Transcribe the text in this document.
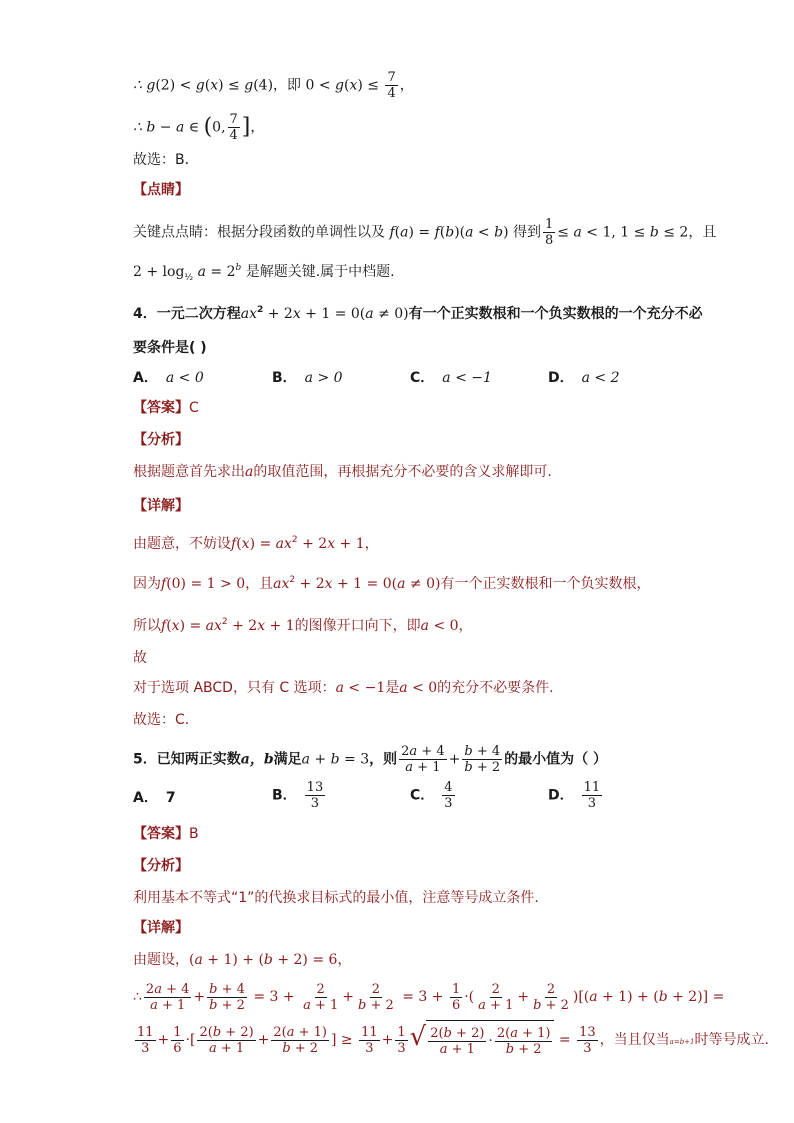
∴ g(2) < g(x) ≤ g(4)，即 $0 < g(x) \le \frac{7}{4}$ ，
∴ b − a ∈ (0, $\frac{7}{4}$ ]，
故选：B．
【点睛】
关键点点睛：根据分段函数的单调性以及 f(a) = f(b)(a < b) 得到 $\frac{1}{8} \le a < 1$, 1 ≤ b ≤ 2，且
$2 + \log_{\frac{1}{2}} a = 2^b$ 是解题关键.属于中档题.
4．一元二次方程$ax^2 + 2x + 1 = 0(a \ne 0)$有一个正实数根和一个负实数根的一个充分不必
要条件是( )
A． a < 0	B． a > 0	C． a < −1	D． a < 2
【答案】C
【分析】
根据题意首先求出a的取值范围，再根据充分不必要的含义求解即可.
【详解】
由题意，不妨设$f(x) = ax^2 + 2x + 1$，
因为f(0) = 1 > 0，且$ax^2 + 2x + 1 = 0(a \ne 0)$有一个正实数根和一个负实数根，
所以$f(x) = ax^2 + 2x + 1$的图像开口向下，即a < 0，
故
对于选项 ABCD，只有 C 选项：a < −1是a < 0的充分不必要条件.
故选：C.
5．已知两正实数a，b满足a + b = 3，则 $\frac{2a + 4}{a + 1} + \frac{b + 4}{b + 2}$ 的最小值为（ ）
A． 7	B． $\frac{13}{3}$	C． $\frac{4}{3}$	D． $\frac{11}{3}$
【答案】B
【分析】
利用基本不等式“1”的代换求目标式的最小值，注意等号成立条件.
【详解】
由题设，(a + 1) + (b + 2) = 6，
∴ $\frac{2a + 4}{a + 1} + \frac{b + 4}{b + 2} = 3 + \frac{2}{a + 1} + \frac{2}{b + 2} = 3 + \frac{1}{6}$ ·( $\frac{2}{a + 1} + \frac{2}{b + 2} )[(a + 1) + (b + 2)]$ =
$\frac{11}{3} + \frac{1}{6}$ ·[ $\frac{2(b + 2)}{a + 1} + \frac{2(a + 1)}{b + 2}$ ] ≥ $\frac{11}{3} + \frac{1}{3}$ √ $\frac{2(b + 2)}{a + 1} \cdot \frac{2(a + 1)}{b + 2} = \frac{13}{3}$ ，当且仅当a=b+1时等号成立.
